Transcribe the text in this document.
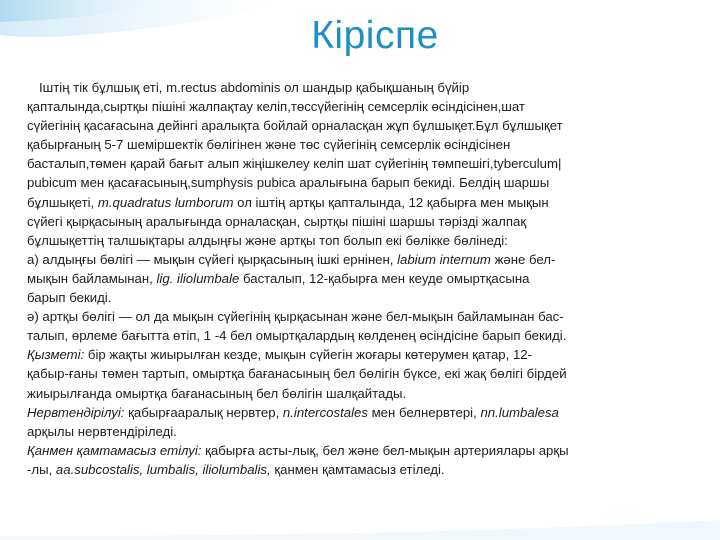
Кіріспе
Іштің тік бұлшық еті, m.rectus abdominis ол шандыр қабықшаның бүйір
қапталында,сыртқы пішіні жалпақтау келіп,төссүйегінің семсерлік өсіндісінен,шат
сүйегінің қасағасына дейінгі аралықта бойлай орналасқан жұп бұлшықет.Бұл бұлшықет
қабырғаның 5-7 шеміршектік бөлігінен және төс сүйегінің семсерлік өсіндісінен
басталып,төмен қарай бағыт алып жіңішкелеу келіп шат сүйегінің төмпешігі,tyberculum|
pubicum мен қасағасының,sumphysis pubica аралығына барып бекиді. Белдің шаршы
бұлшықеті, m.quadratus lumborum ол іштің артқы қапталында, 12 қабырға мен мықын
сүйегі қырқасының аралығында орналасқан, сыртқы пішіні шаршы тәрізді жалпақ
бұлшықеттің талшықтары алдыңғы және артқы топ болып екі бөлікке бөлінеді:
а) алдыңғы бөлігі — мықын сүйегі қырқасының ішкі ернінен, labium internum және бел-
мықын байламынан, lig. iliolumbale басталып, 12-қабырға мен кеуде омыртқасына
барып бекиді.
ә) артқы бөлігі — ол да мықын сүйегінің қырқасынан және бел-мықын байламынан бас-
талып, өрлеме бағытта өтіп, 1 -4 бел омыртқалардың көлденең өсіндісіне барып бекиді.
Қызметі: бір жақты жиырылған кезде, мықын сүйегін жоғары көтерумен қатар, 12-
қабыр-ғаны төмен тартып, омыртқа бағанасының бел бөлігін бүксе, екі жақ бөлігі бірдей
жиырылғанда омыртқа бағанасының бел бөлігін шалқайтады.
Нервтендірілуі: қабырғааралық нервтер, n.intercostales мен белнервтері, nn.lumbalesa
арқылы нервтендіріледі.
Қанмен қамтамасыз етілуі: қабырға асты-лық, бел және бел-мықын артериялары арқы
-лы, aa.subcostalis, lumbalis, iliolumbalis, қанмен қамтамасыз етіледі.
